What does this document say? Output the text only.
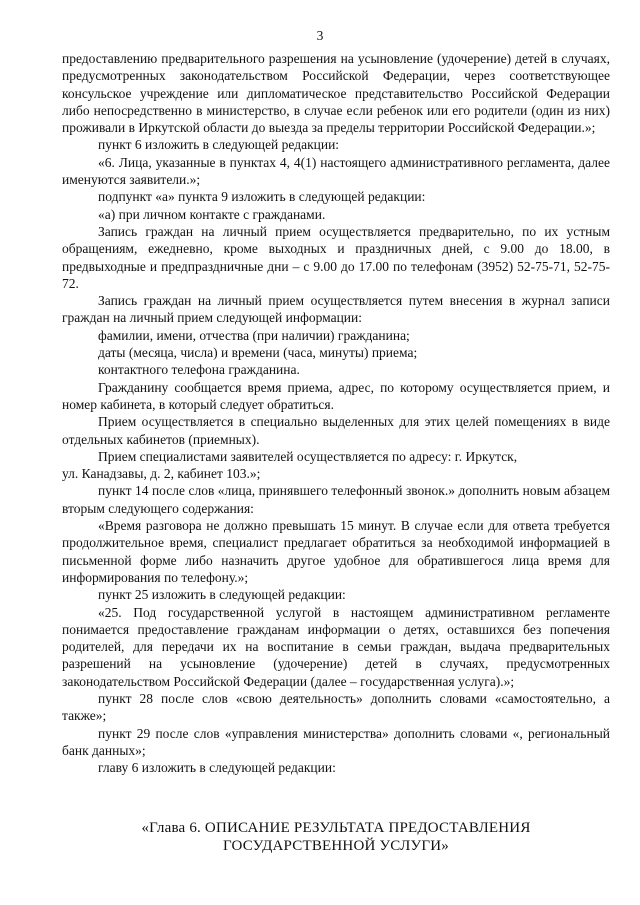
3

предоставлению предварительного разрешения на усыновление (удочерение) детей в случаях, предусмотренных законодательством Российской Федерации, через соответствующее консульское учреждение или дипломатическое представительство Российской Федерации либо непосредственно в министерство, в случае если ребенок или его родители (один из них) проживали в Иркутской области до выезда за пределы территории Российской Федерации.»;

пункт 6 изложить в следующей редакции:

«6. Лица, указанные в пунктах 4, 4(1) настоящего административного регламента, далее именуются заявители.»;

подпункт «а» пункта 9 изложить в следующей редакции:

«а) при личном контакте с гражданами.

Запись граждан на личный прием осуществляется предварительно, по их устным обращениям, ежедневно, кроме выходных и праздничных дней, с 9.00 до 18.00, в предвыходные и предпраздничные дни – с 9.00 до 17.00 по телефонам (3952) 52-75-71, 52-75-72.

Запись граждан на личный прием осуществляется путем внесения в журнал записи граждан на личный прием следующей информации:

фамилии, имени, отчества (при наличии) гражданина;

даты (месяца, числа) и времени (часа, минуты) приема;

контактного телефона гражданина.

Гражданину сообщается время приема, адрес, по которому осуществляется прием, и номер кабинета, в который следует обратиться.

Прием осуществляется в специально выделенных для этих целей помещениях в виде отдельных кабинетов (приемных).

Прием специалистами заявителей осуществляется по адресу: г. Иркутск,

ул. Канадзавы, д. 2, кабинет 103.»;

пункт 14 после слов «лица, принявшего телефонный звонок.» дополнить новым абзацем вторым следующего содержания:

«Время разговора не должно превышать 15 минут. В случае если для ответа требуется продолжительное время, специалист предлагает обратиться за необходимой информацией в письменной форме либо назначить другое удобное для обратившегося лица время для информирования по телефону.»;

пункт 25 изложить в следующей редакции:

«25. Под государственной услугой в настоящем административном регламенте понимается предоставление гражданам информации о детях, оставшихся без попечения родителей, для передачи их на воспитание в семьи граждан, выдача предварительных разрешений на усыновление (удочерение) детей в случаях, предусмотренных законодательством Российской Федерации (далее – государственная услуга).»;

пункт 28 после слов «свою деятельность» дополнить словами «самостоятельно, а также»;

пункт 29 после слов «управления министерства» дополнить словами «, региональный банк данных»;

главу 6 изложить в следующей редакции:

«Глава 6. ОПИСАНИЕ РЕЗУЛЬТАТА ПРЕДОСТАВЛЕНИЯ
ГОСУДАРСТВЕННОЙ УСЛУГИ»
